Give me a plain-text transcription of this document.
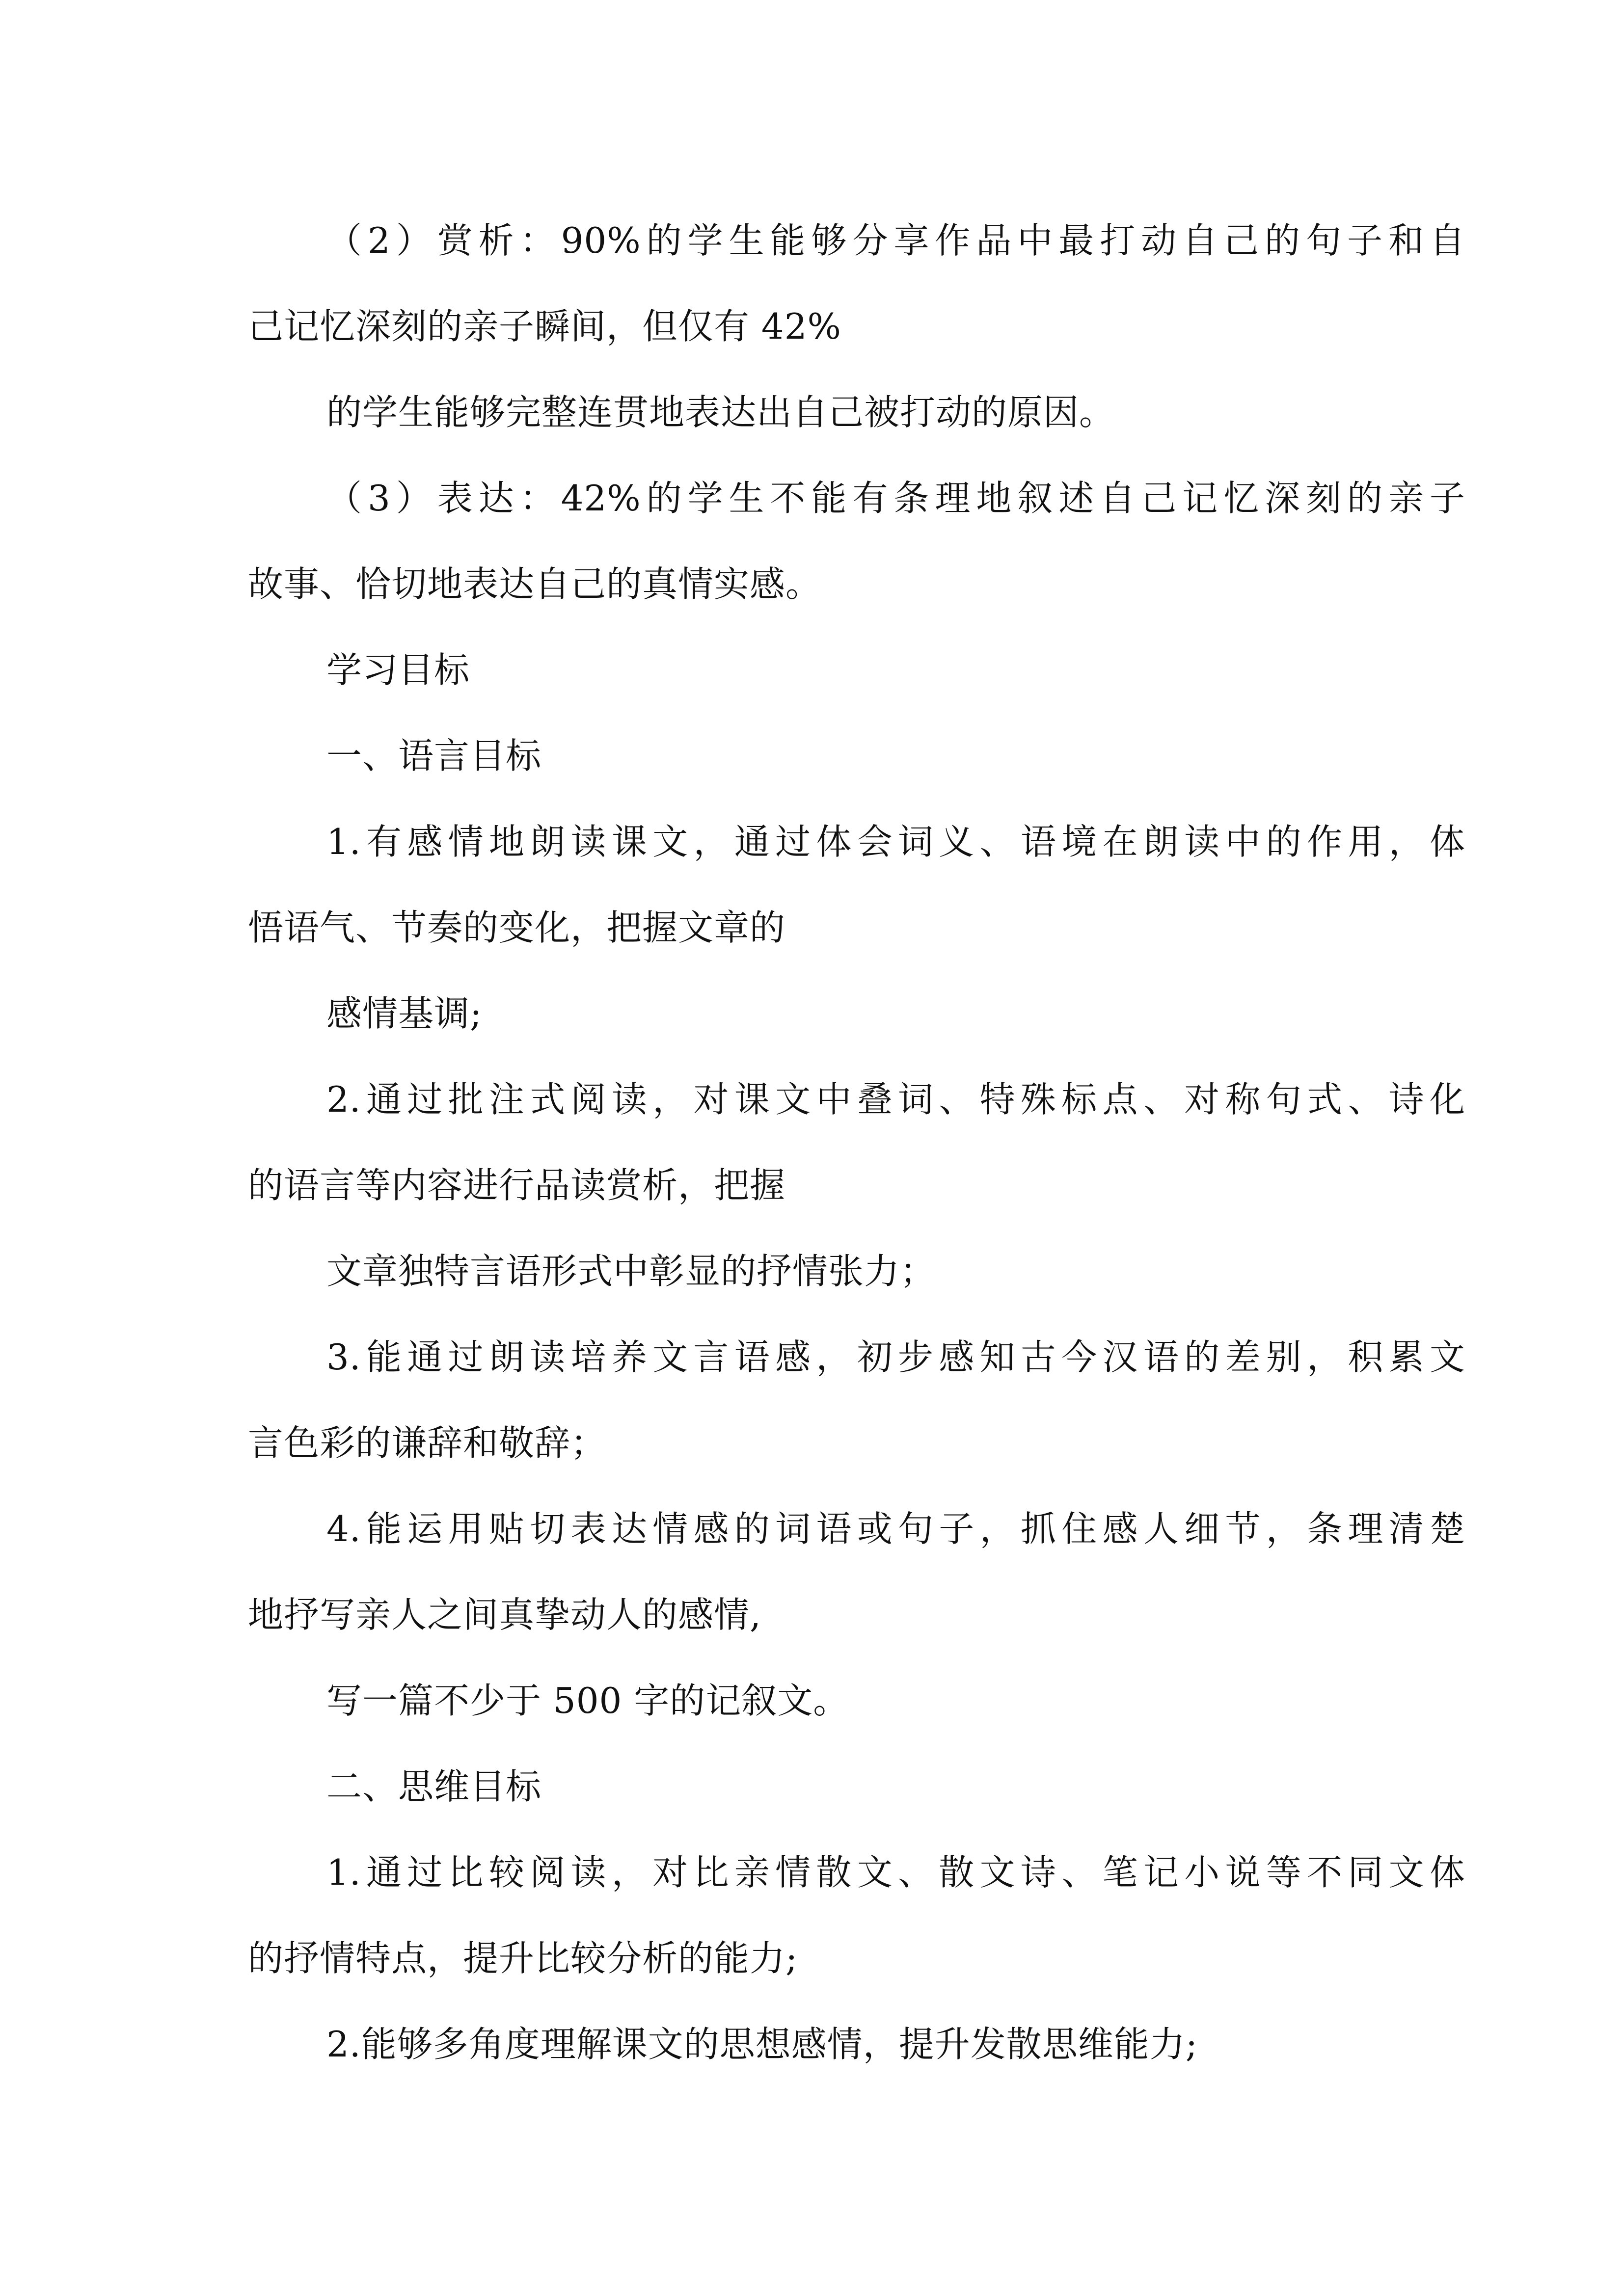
（2）赏析：90%的学生能够分享作品中最打动自己的句子和自

己记忆深刻的亲子瞬间，但仅有 42%

的学生能够完整连贯地表达出自己被打动的原因。

（3）表达：42%的学生不能有条理地叙述自己记忆深刻的亲子

故事、恰切地表达自己的真情实感。

学习目标

一、语言目标

1.有感情地朗读课文，通过体会词义、语境在朗读中的作用，体

悟语气、节奏的变化，把握文章的

感情基调;

2.通过批注式阅读，对课文中叠词、特殊标点、对称句式、诗化

的语言等内容进行品读赏析，把握

文章独特言语形式中彰显的抒情张力；

3.能通过朗读培养文言语感，初步感知古今汉语的差别，积累文

言色彩的谦辞和敬辞；

4.能运用贴切表达情感的词语或句子，抓住感人细节，条理清楚

地抒写亲人之间真挚动人的感情,

写一篇不少于 500 字的记叙文。

二、思维目标

1.通过比较阅读，对比亲情散文、散文诗、笔记小说等不同文体

的抒情特点，提升比较分析的能力;

2.能够多角度理解课文的思想感情，提升发散思维能力;
